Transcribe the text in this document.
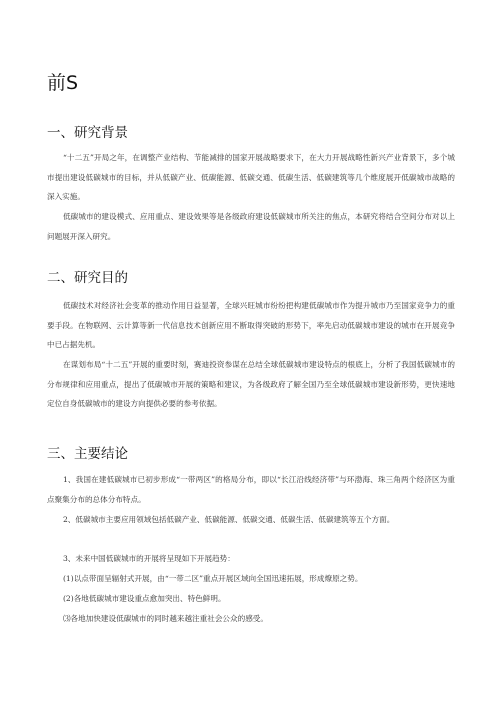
前S
一、研究背景

“十二五”开局之年，在调整产业结构、节能减排的国家开展战略要求下，在大力开展战略性新兴产业背景下，多个城市提出建设低碳城市的目标，并从低碳产业、低碳能源、低碳交通、低碳生活、低碳建筑等几个维度展开低碳城市战略的深入实施。

低碳城市的建设模式、应用重点、建设效果等是各级政府建设低碳城市所关注的焦点，本研究将结合空间分布对以上问题展开深入研究。

二、研究目的

低碳技术对经济社会变革的推动作用日益显著，全球兴旺城市纷纷把构建低碳城市作为提升城市乃至国家竞争力的重要手段。在物联网、云计算等新一代信息技术创新应用不断取得突破的形势下，率先启动低碳城市建设的城市在开展竞争中已占据先机。

在谋划布局“十二五”开展的重要时刻，赛迪投资参谋在总结全球低碳城市建设特点的根底上，分析了我国低碳城市的分布规律和应用重点，提出了低碳城市开展的策略和建议，为各级政府了解全国乃至全球低碳城市建设新形势，更快速地定位自身低碳城市的建设方向提供必要的参考依据。

三、主要结论

1、我国在建低碳城市已初步形成“一带两区”的格局分布，即以“长江沿线经济带”与环渤海、珠三角两个经济区为重点聚集分布的总体分布特点。

2、低碳城市主要应用领域包括低碳产业、低碳能源、低碳交通、低碳生活、低碳建筑等五个方面。

3、未来中国低碳城市的开展将呈现如下开展趋势：

(1)以点带面呈辐射式开展，由“一带二区”重点开展区域向全国迅速拓展，形成燎原之势。

(2)各地低碳城市建设重点愈加突出、特色鲜明。

⑶各地加快建设低碳城市的同时越来越注重社会公众的感受。
